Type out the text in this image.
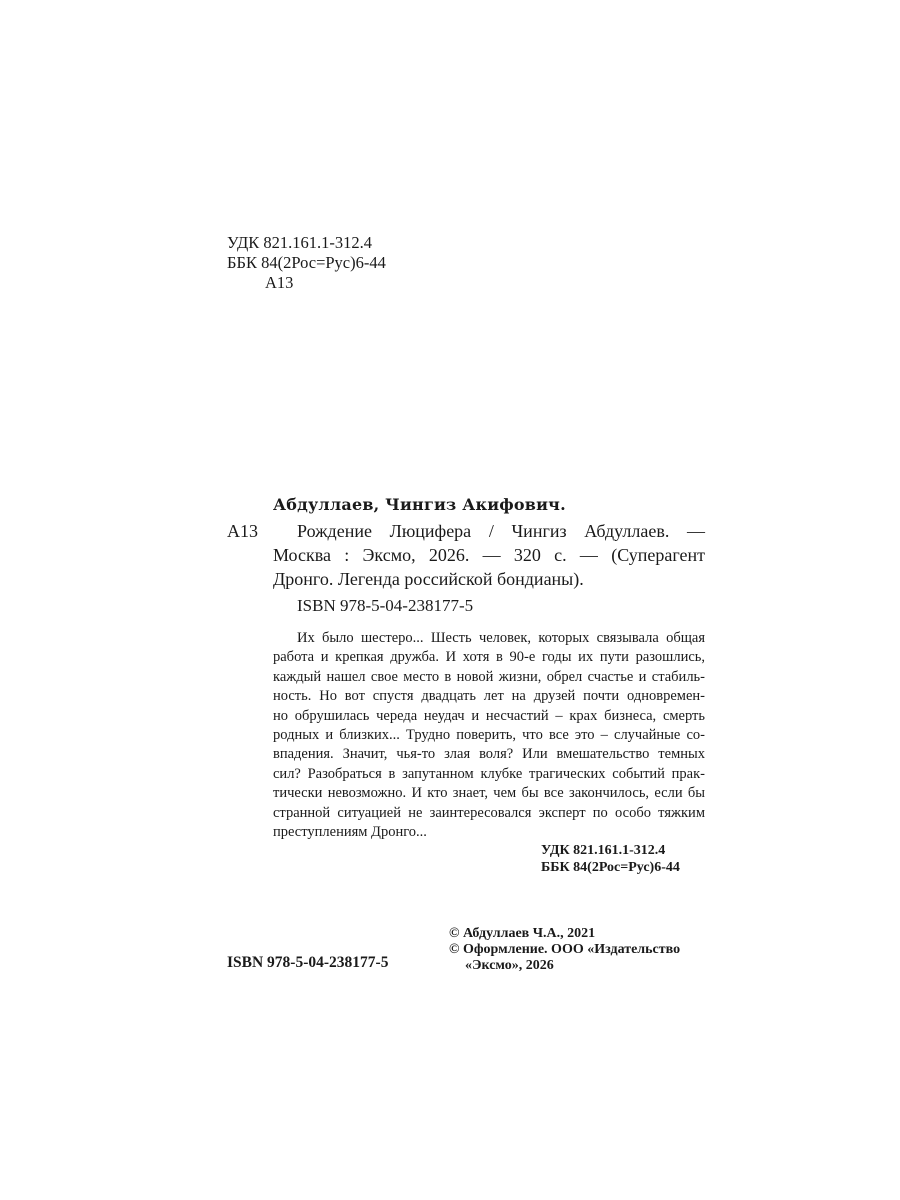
УДК 821.161.1-312.4
ББК 84(2Рос=Рус)6-44
А13
Абдуллаев, Чингиз Акифович.
А13	Рождение Люцифера / Чингиз Абдуллаев. —
Москва : Эксмо, 2026. — 320 с. — (Суперагент
Дронго. Легенда российской бондианы).
ISBN 978-5-04-238177-5
Их было шестеро... Шесть человек, которых связывала общая
работа и крепкая дружба. И хотя в 90-е годы их пути разошлись,
каждый нашел свое место в новой жизни, обрел счастье и стабиль-
ность. Но вот спустя двадцать лет на друзей почти одновремен-
но обрушилась череда неудач и несчастий – крах бизнеса, смерть
родных и близких... Трудно поверить, что все это – случайные со-
впадения. Значит, чья-то злая воля? Или вмешательство темных
сил? Разобраться в запутанном клубке трагических событий прак-
тически невозможно. И кто знает, чем бы все закончилось, если бы
странной ситуацией не заинтересовался эксперт по особо тяжким
преступлениям Дронго...
УДК 821.161.1-312.4
ББК 84(2Рос=Рус)6-44
ISBN 978-5-04-238177-5
© Абдуллаев Ч.А., 2021
© Оформление. ООО «Издательство
«Эксмо», 2026
